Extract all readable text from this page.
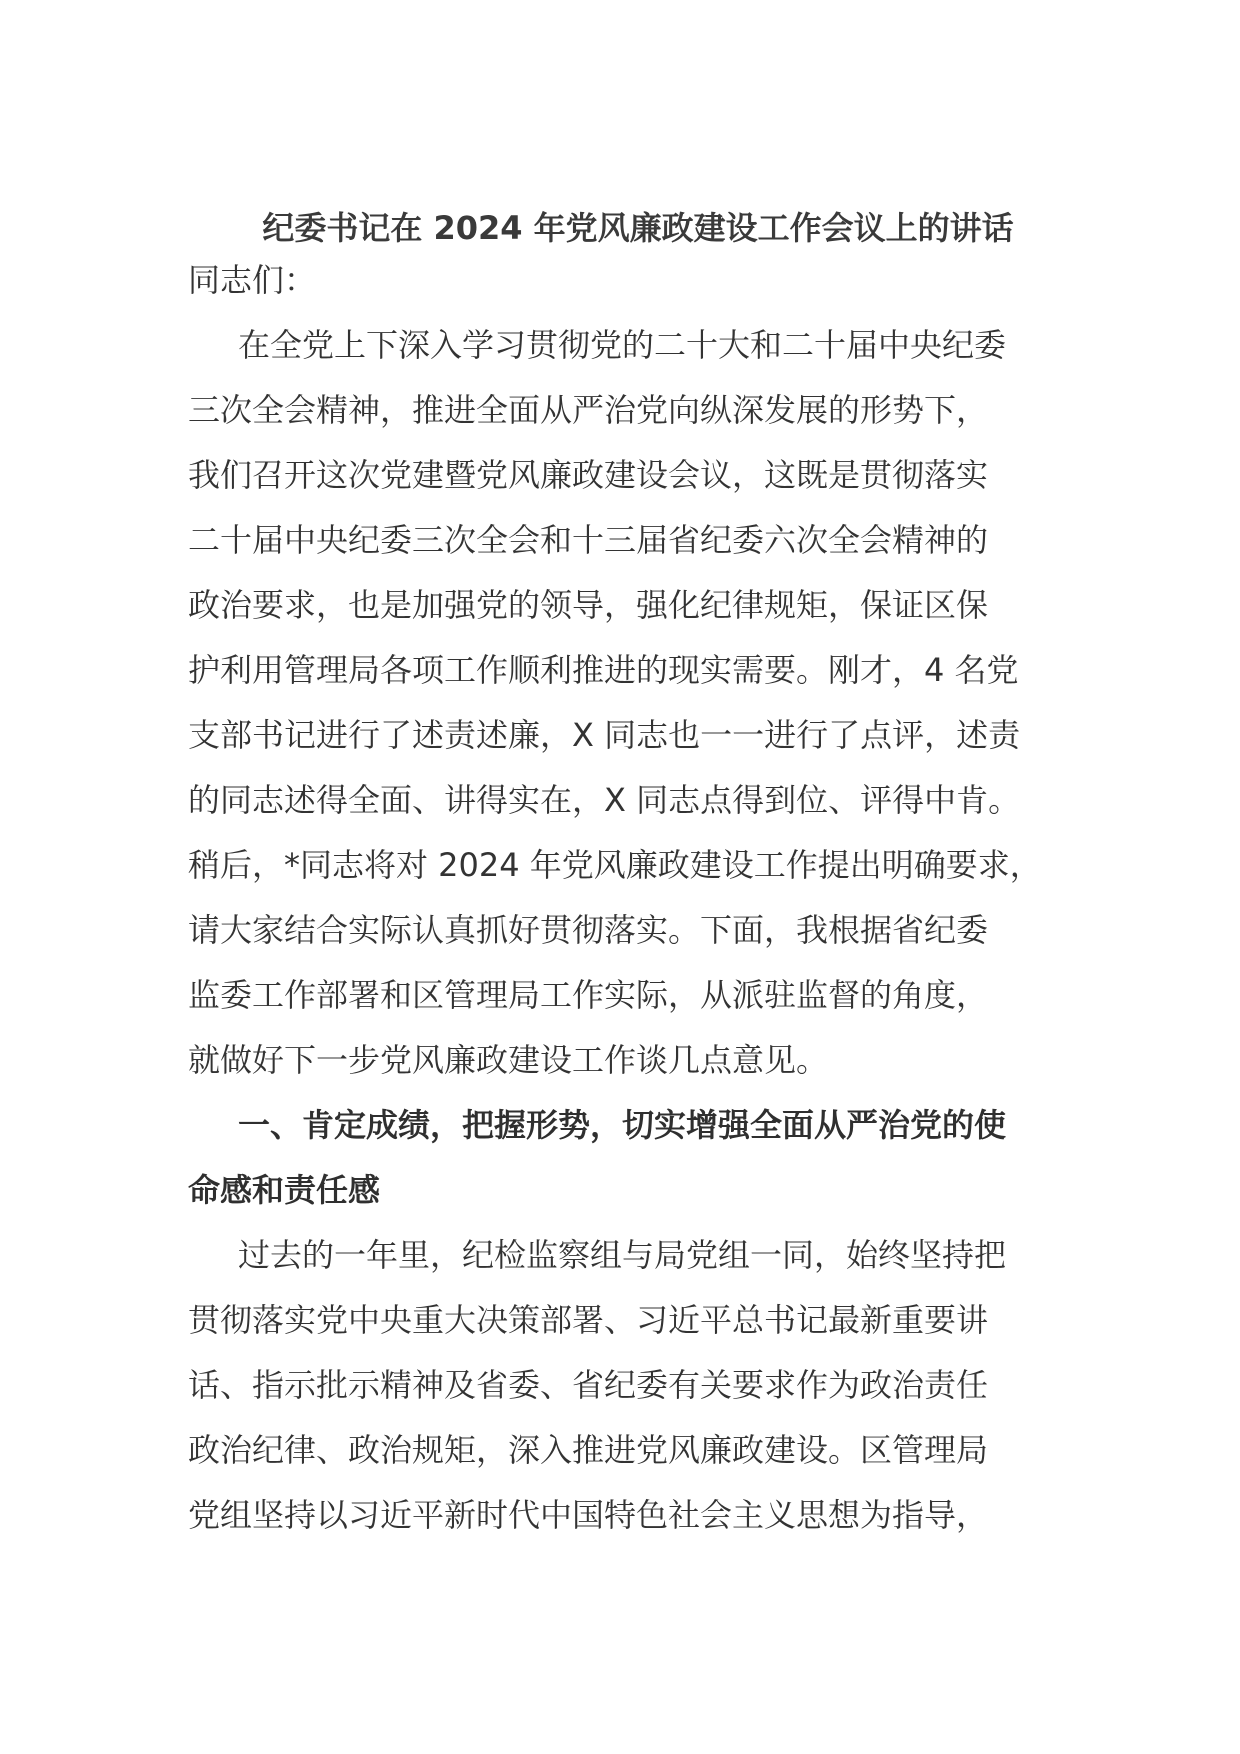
纪委书记在 2024 年党风廉政建设工作会议上的讲话
同志们：
在全党上下深入学习贯彻党的二十大和二十届中央纪委
三次全会精神，推进全面从严治党向纵深发展的形势下，
我们召开这次党建暨党风廉政建设会议，这既是贯彻落实
二十届中央纪委三次全会和十三届省纪委六次全会精神的
政治要求，也是加强党的领导，强化纪律规矩，保证区保
护利用管理局各项工作顺利推进的现实需要。刚才，4 名党
支部书记进行了述责述廉，X 同志也一一进行了点评，述责
的同志述得全面、讲得实在，X 同志点得到位、评得中肯。
稍后，*同志将对 2024 年党风廉政建设工作提出明确要求，
请大家结合实际认真抓好贯彻落实。下面，我根据省纪委
监委工作部署和区管理局工作实际，从派驻监督的角度，
就做好下一步党风廉政建设工作谈几点意见。
一、肯定成绩，把握形势，切实增强全面从严治党的使
命感和责任感
过去的一年里，纪检监察组与局党组一同，始终坚持把
贯彻落实党中央重大决策部署、习近平总书记最新重要讲
话、指示批示精神及省委、省纪委有关要求作为政治责任
政治纪律、政治规矩，深入推进党风廉政建设。区管理局
党组坚持以习近平新时代中国特色社会主义思想为指导，
